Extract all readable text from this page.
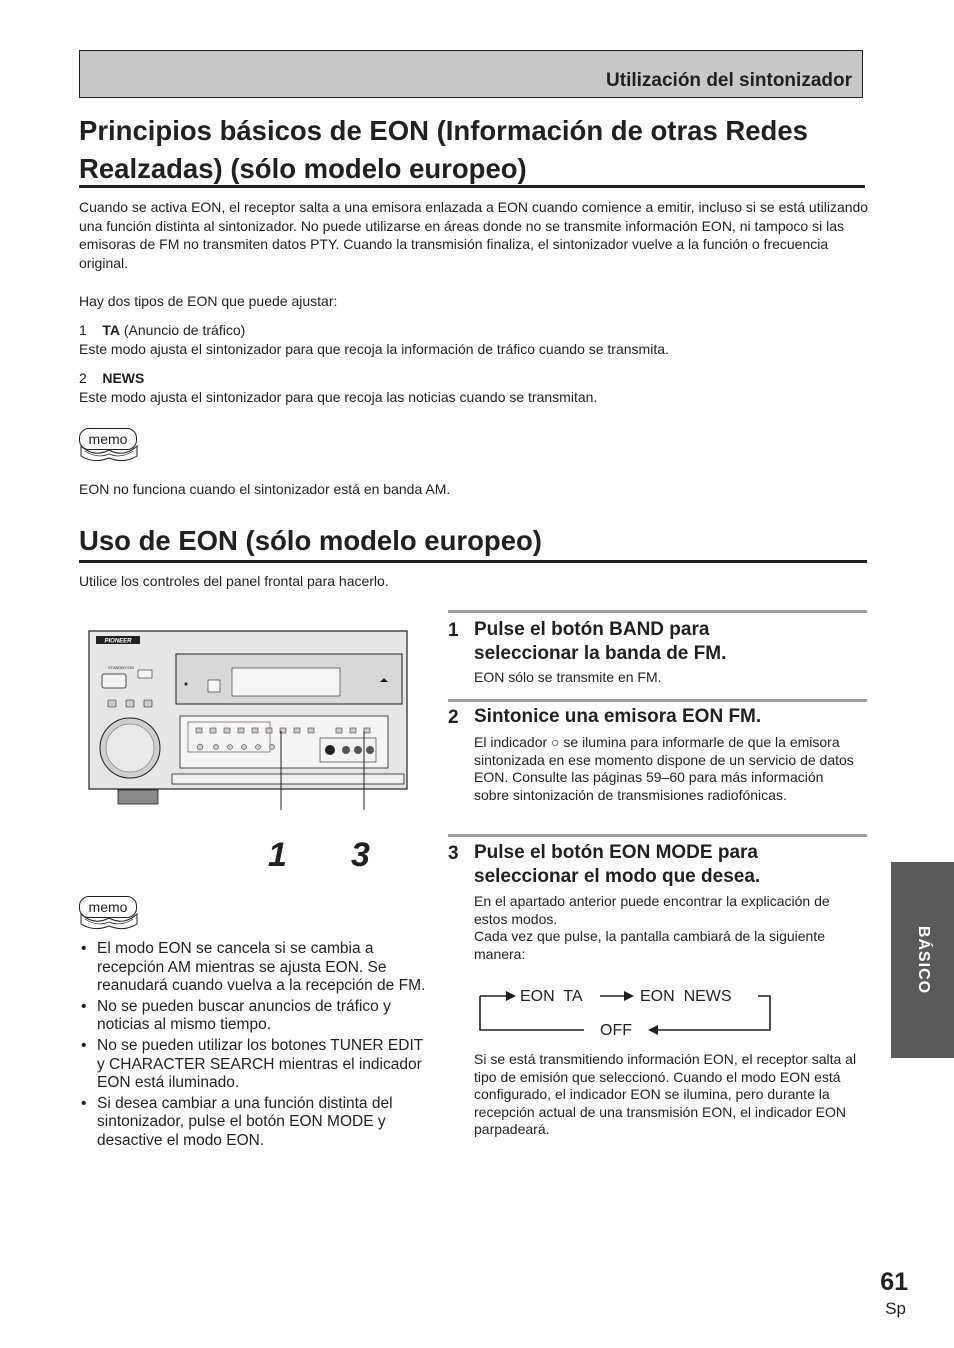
Utilización del sintonizador
Principios básicos de EON (Información de otras Redes Realzadas) (sólo modelo europeo)
Cuando se activa EON, el receptor salta a una emisora enlazada a EON cuando comience a emitir, incluso si se está utilizando una función distinta al sintonizador. No puede utilizarse en áreas donde no se transmite información EON, ni tampoco si las emisoras de FM no transmiten datos PTY. Cuando la transmisión finaliza, el sintonizador vuelve a la función o frecuencia original.
Hay dos tipos de EON que puede ajustar:
1 TA (Anuncio de tráfico)
Este modo ajusta el sintonizador para que recoja la información de tráfico cuando se transmita.
2 NEWS
Este modo ajusta el sintonizador para que recoja las noticias cuando se transmitan.
memo
EON no funciona cuando el sintonizador está en banda AM.
Uso de EON (sólo modelo europeo)
Utilice los controles del panel frontal para hacerlo.
PIONEER
STANDBY/ON
1 3
memo
• El modo EON se cancela si se cambia a recepción AM mientras se ajusta EON. Se reanudará cuando vuelva a la recepción de FM.
• No se pueden buscar anuncios de tráfico y noticias al mismo tiempo.
• No se pueden utilizar los botones TUNER EDIT y CHARACTER SEARCH mientras el indicador EON está iluminado.
• Si desea cambiar a una función distinta del sintonizador, pulse el botón EON MODE y desactive el modo EON.
1 Pulse el botón BAND para seleccionar la banda de FM.
EON sólo se transmite en FM.
2 Sintonice una emisora EON FM.
El indicador ○ se ilumina para informarle de que la emisora sintonizada en ese momento dispone de un servicio de datos EON. Consulte las páginas 59–60 para más información sobre sintonización de transmisiones radiofónicas.
3 Pulse el botón EON MODE para seleccionar el modo que desea.
En el apartado anterior puede encontrar la explicación de estos modos.
Cada vez que pulse, la pantalla cambiará de la siguiente manera:
EON  TA	EON  NEWS
OFF
Si se está transmitiendo información EON, el receptor salta al tipo de emisión que seleccionó. Cuando el modo EON está configurado, el indicador EON se ilumina, pero durante la recepción actual de una transmisión EON, el indicador EON parpadeará.
BÁSICO
61
Sp
